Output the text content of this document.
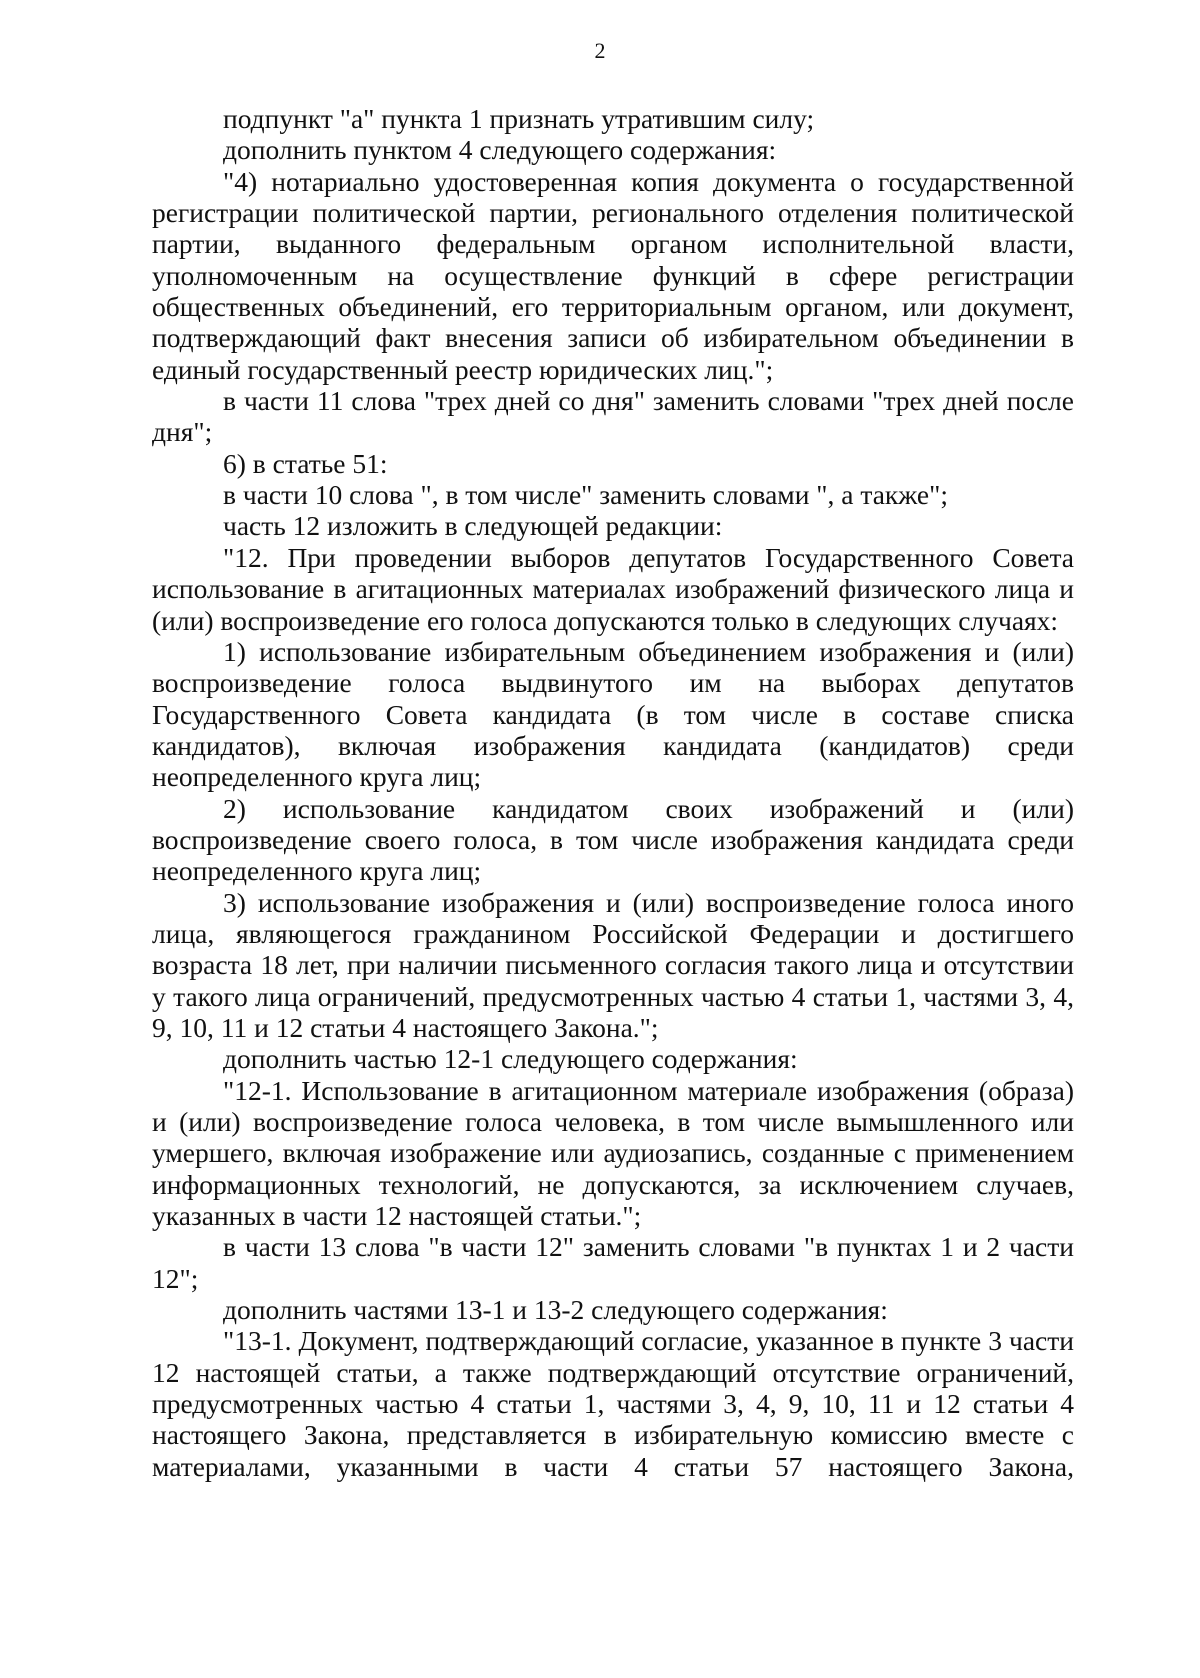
2

подпункт "а" пункта 1 признать утратившим силу;

дополнить пунктом 4 следующего содержания:

"4) нотариально удостоверенная копия документа о государственной регистрации политической партии, регионального отделения политической партии, выданного федеральным органом исполнительной власти, уполномоченным на осуществление функций в сфере регистрации общественных объединений, его территориальным органом, или документ, подтверждающий факт внесения записи об избирательном объединении в единый государственный реестр юридических лиц.";

в части 11 слова "трех дней со дня" заменить словами "трех дней после дня";

6) в статье 51:

в части 10 слова ", в том числе" заменить словами ", а также";

часть 12 изложить в следующей редакции:

"12. При проведении выборов депутатов Государственного Совета использование в агитационных материалах изображений физического лица и (или) воспроизведение его голоса допускаются только в следующих случаях:

1) использование избирательным объединением изображения и (или) воспроизведение голоса выдвинутого им на выборах депутатов Государственного Совета кандидата (в том числе в составе списка кандидатов), включая изображения кандидата (кандидатов) среди неопределенного круга лиц;

2) использование кандидатом своих изображений и (или) воспроизведение своего голоса, в том числе изображения кандидата среди неопределенного круга лиц;

3) использование изображения и (или) воспроизведение голоса иного лица, являющегося гражданином Российской Федерации и достигшего возраста 18 лет, при наличии письменного согласия такого лица и отсутствии у такого лица ограничений, предусмотренных частью 4 статьи 1, частями 3, 4, 9, 10, 11 и 12 статьи 4 настоящего Закона.";

дополнить частью 12-1 следующего содержания:

"12-1. Использование в агитационном материале изображения (образа) и (или) воспроизведение голоса человека, в том числе вымышленного или умершего, включая изображение или аудиозапись, созданные с применением информационных технологий, не допускаются, за исключением случаев, указанных в части 12 настоящей статьи.";

в части 13 слова "в части 12" заменить словами "в пунктах 1 и 2 части 12";

дополнить частями 13-1 и 13-2 следующего содержания:

"13-1. Документ, подтверждающий согласие, указанное в пункте 3 части 12 настоящей статьи, а также подтверждающий отсутствие ограничений, предусмотренных частью 4 статьи 1, частями 3, 4, 9, 10, 11 и 12 статьи 4 настоящего Закона, представляется в избирательную комиссию вместе с материалами, указанными в части 4 статьи 57 настоящего Закона,
